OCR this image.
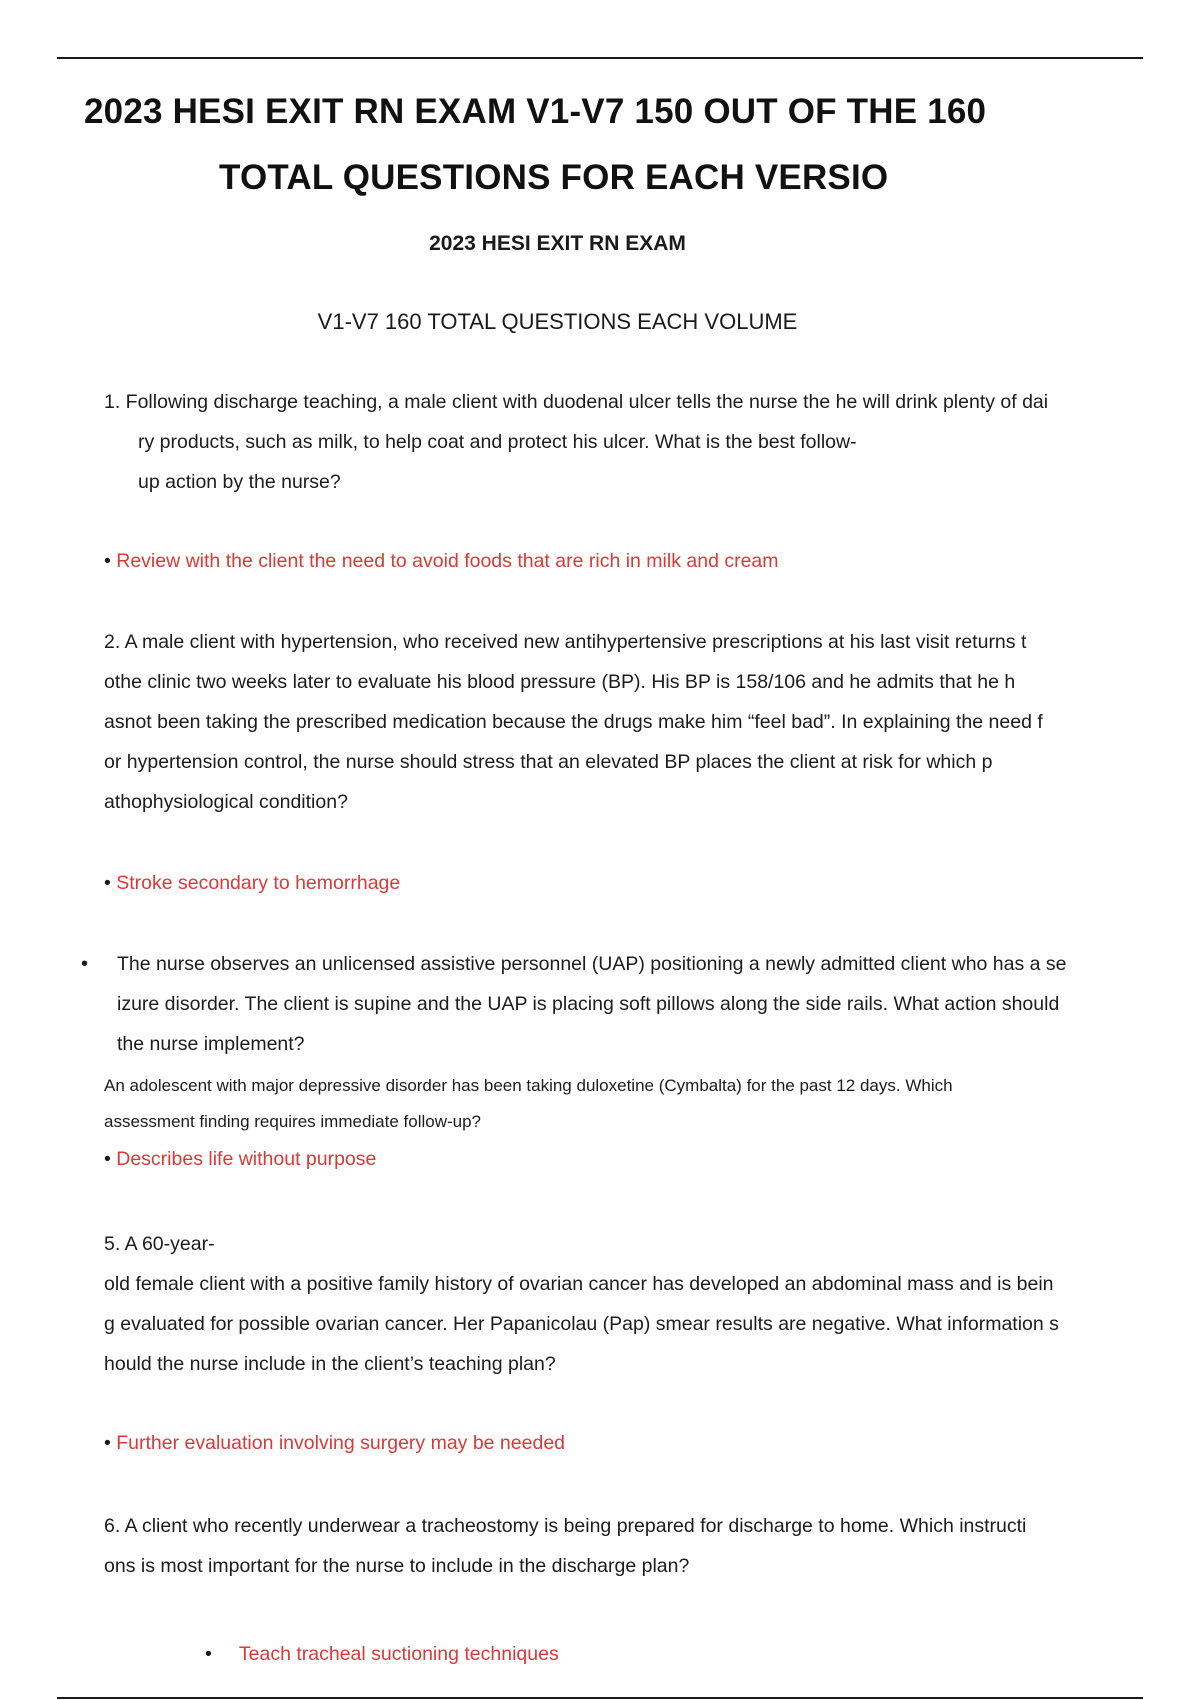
2023 HESI EXIT RN EXAM V1-V7 150 OUT OF THE 160
TOTAL QUESTIONS FOR EACH VERSIO
2023 HESI EXIT RN EXAM
V1-V7 160 TOTAL QUESTIONS EACH VOLUME
1. Following discharge teaching, a male client with duodenal ulcer tells the nurse the he will drink plenty of dai
ry products, such as milk, to help coat and protect his ulcer. What is the best follow-
up action by the nurse?
• Review with the client the need to avoid foods that are rich in milk and cream
2. A male client with hypertension, who received new antihypertensive prescriptions at his last visit returns t
othe clinic two weeks later to evaluate his blood pressure (BP). His BP is 158/106 and he admits that he h
asnot been taking the prescribed medication because the drugs make him “feel bad”. In explaining the need f
or hypertension control, the nurse should stress that an elevated BP places the client at risk for which p
athophysiological condition?
• Stroke secondary to hemorrhage
• The nurse observes an unlicensed assistive personnel (UAP) positioning a newly admitted client who has a se
izure disorder. The client is supine and the UAP is placing soft pillows along the side rails. What action should
the nurse implement?
An adolescent with major depressive disorder has been taking duloxetine (Cymbalta) for the past 12 days. Which
assessment finding requires immediate follow-up?
• Describes life without purpose
5. A 60-year-
old female client with a positive family history of ovarian cancer has developed an abdominal mass and is bein
g evaluated for possible ovarian cancer. Her Papanicolau (Pap) smear results are negative. What information s
hould the nurse include in the client’s teaching plan?
• Further evaluation involving surgery may be needed
6. A client who recently underwear a tracheostomy is being prepared for discharge to home. Which instructi
ons is most important for the nurse to include in the discharge plan?
• Teach tracheal suctioning techniques
